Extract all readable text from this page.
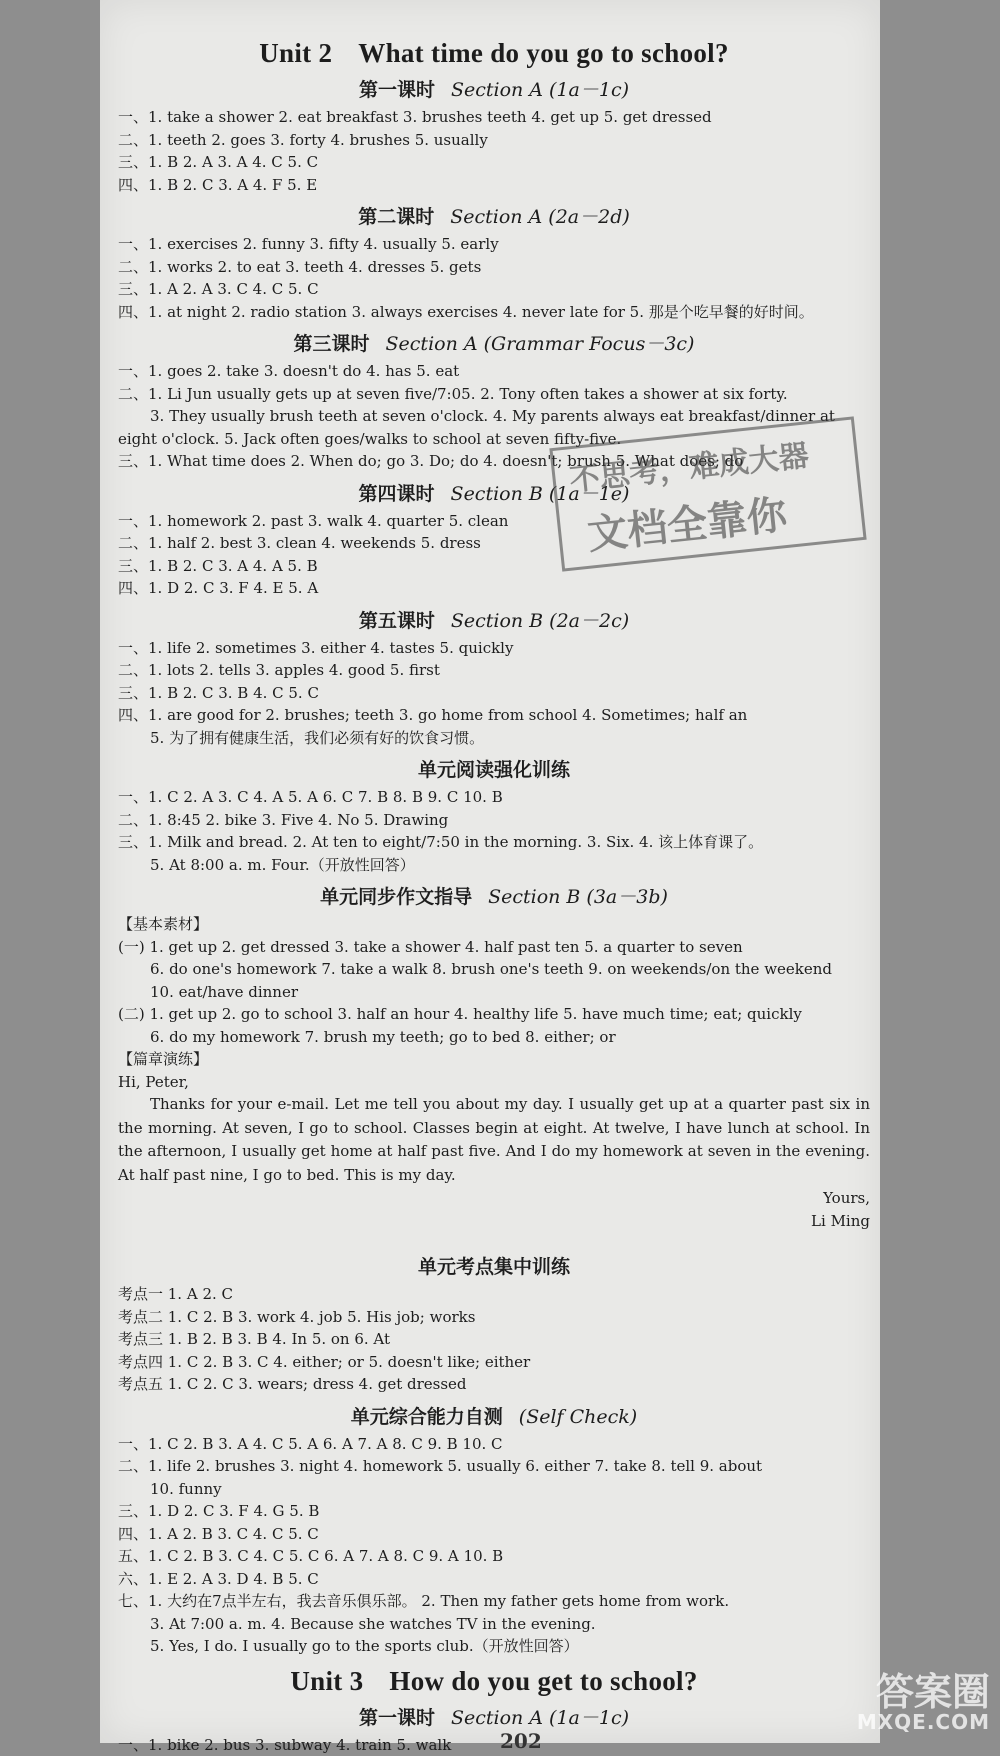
Unit 2 What time do you go to school?
第一课时 Section A (1a－1c)
一、1. take a shower 2. eat breakfast 3. brushes teeth 4. get up 5. get dressed
二、1. teeth 2. goes 3. forty 4. brushes 5. usually
三、1. B 2. A 3. A 4. C 5. C
四、1. B 2. C 3. A 4. F 5. E
第二课时 Section A (2a－2d)
一、1. exercises 2. funny 3. fifty 4. usually 5. early
二、1. works 2. to eat 3. teeth 4. dresses 5. gets
三、1. A 2. A 3. C 4. C 5. C
四、1. at night 2. radio station 3. always exercises 4. never late for 5. 那是个吃早餐的好时间。
第三课时 Section A (Grammar Focus－3c)
一、1. goes 2. take 3. doesn't do 4. has 5. eat
二、1. Li Jun usually gets up at seven five/7:05. 2. Tony often takes a shower at six forty.
3. They usually brush teeth at seven o'clock. 4. My parents always eat breakfast/dinner at
eight o'clock. 5. Jack often goes/walks to school at seven fifty-five.
三、1. What time does 2. When do; go 3. Do; do 4. doesn't; brush 5. What does; do
第四课时 Section B (1a－1e)
一、1. homework 2. past 3. walk 4. quarter 5. clean
二、1. half 2. best 3. clean 4. weekends 5. dress
三、1. B 2. C 3. A 4. A 5. B
四、1. D 2. C 3. F 4. E 5. A
第五课时 Section B (2a－2c)
一、1. life 2. sometimes 3. either 4. tastes 5. quickly
二、1. lots 2. tells 3. apples 4. good 5. first
三、1. B 2. C 3. B 4. C 5. C
四、1. are good for 2. brushes; teeth 3. go home from school 4. Sometimes; half an
5. 为了拥有健康生活，我们必须有好的饮食习惯。
单元阅读强化训练
一、1. C 2. A 3. C 4. A 5. A 6. C 7. B 8. B 9. C 10. B
二、1. 8:45 2. bike 3. Five 4. No 5. Drawing
三、1. Milk and bread. 2. At ten to eight/7:50 in the morning. 3. Six. 4. 该上体育课了。
5. At 8:00 a. m. Four.（开放性回答）
单元同步作文指导 Section B (3a－3b)
【基本素材】
(一) 1. get up 2. get dressed 3. take a shower 4. half past ten 5. a quarter to seven
6. do one's homework 7. take a walk 8. brush one's teeth 9. on weekends/on the weekend
10. eat/have dinner
(二) 1. get up 2. go to school 3. half an hour 4. healthy life 5. have much time; eat; quickly
6. do my homework 7. brush my teeth; go to bed 8. either; or
【篇章演练】
Hi, Peter,
Thanks for your e-mail. Let me tell you about my day. I usually get up at a quarter past six in the morning. At seven, I go to school. Classes begin at eight. At twelve, I have lunch at school. In the afternoon, I usually get home at half past five. And I do my homework at seven in the evening. At half past nine, I go to bed. This is my day.
Yours,
Li Ming
单元考点集中训练
考点一 1. A 2. C
考点二 1. C 2. B 3. work 4. job 5. His job; works
考点三 1. B 2. B 3. B 4. In 5. on 6. At
考点四 1. C 2. B 3. C 4. either; or 5. doesn't like; either
考点五 1. C 2. C 3. wears; dress 4. get dressed
单元综合能力自测 (Self Check)
一、1. C 2. B 3. A 4. C 5. A 6. A 7. A 8. C 9. B 10. C
二、1. life 2. brushes 3. night 4. homework 5. usually 6. either 7. take 8. tell 9. about
10. funny
三、1. D 2. C 3. F 4. G 5. B
四、1. A 2. B 3. C 4. C 5. C
五、1. C 2. B 3. C 4. C 5. C 6. A 7. A 8. C 9. A 10. B
六、1. E 2. A 3. D 4. B 5. C
七、1. 大约在7点半左右，我去音乐俱乐部。 2. Then my father gets home from work.
3. At 7:00 a. m. 4. Because she watches TV in the evening.
5. Yes, I do. I usually go to the sports club.（开放性回答）
Unit 3 How do you get to school?
第一课时 Section A (1a－1c)
一、1. bike 2. bus 3. subway 4. train 5. walk
不思考，难成大器
文档全靠你
202
答案圈
MXQE.COM
